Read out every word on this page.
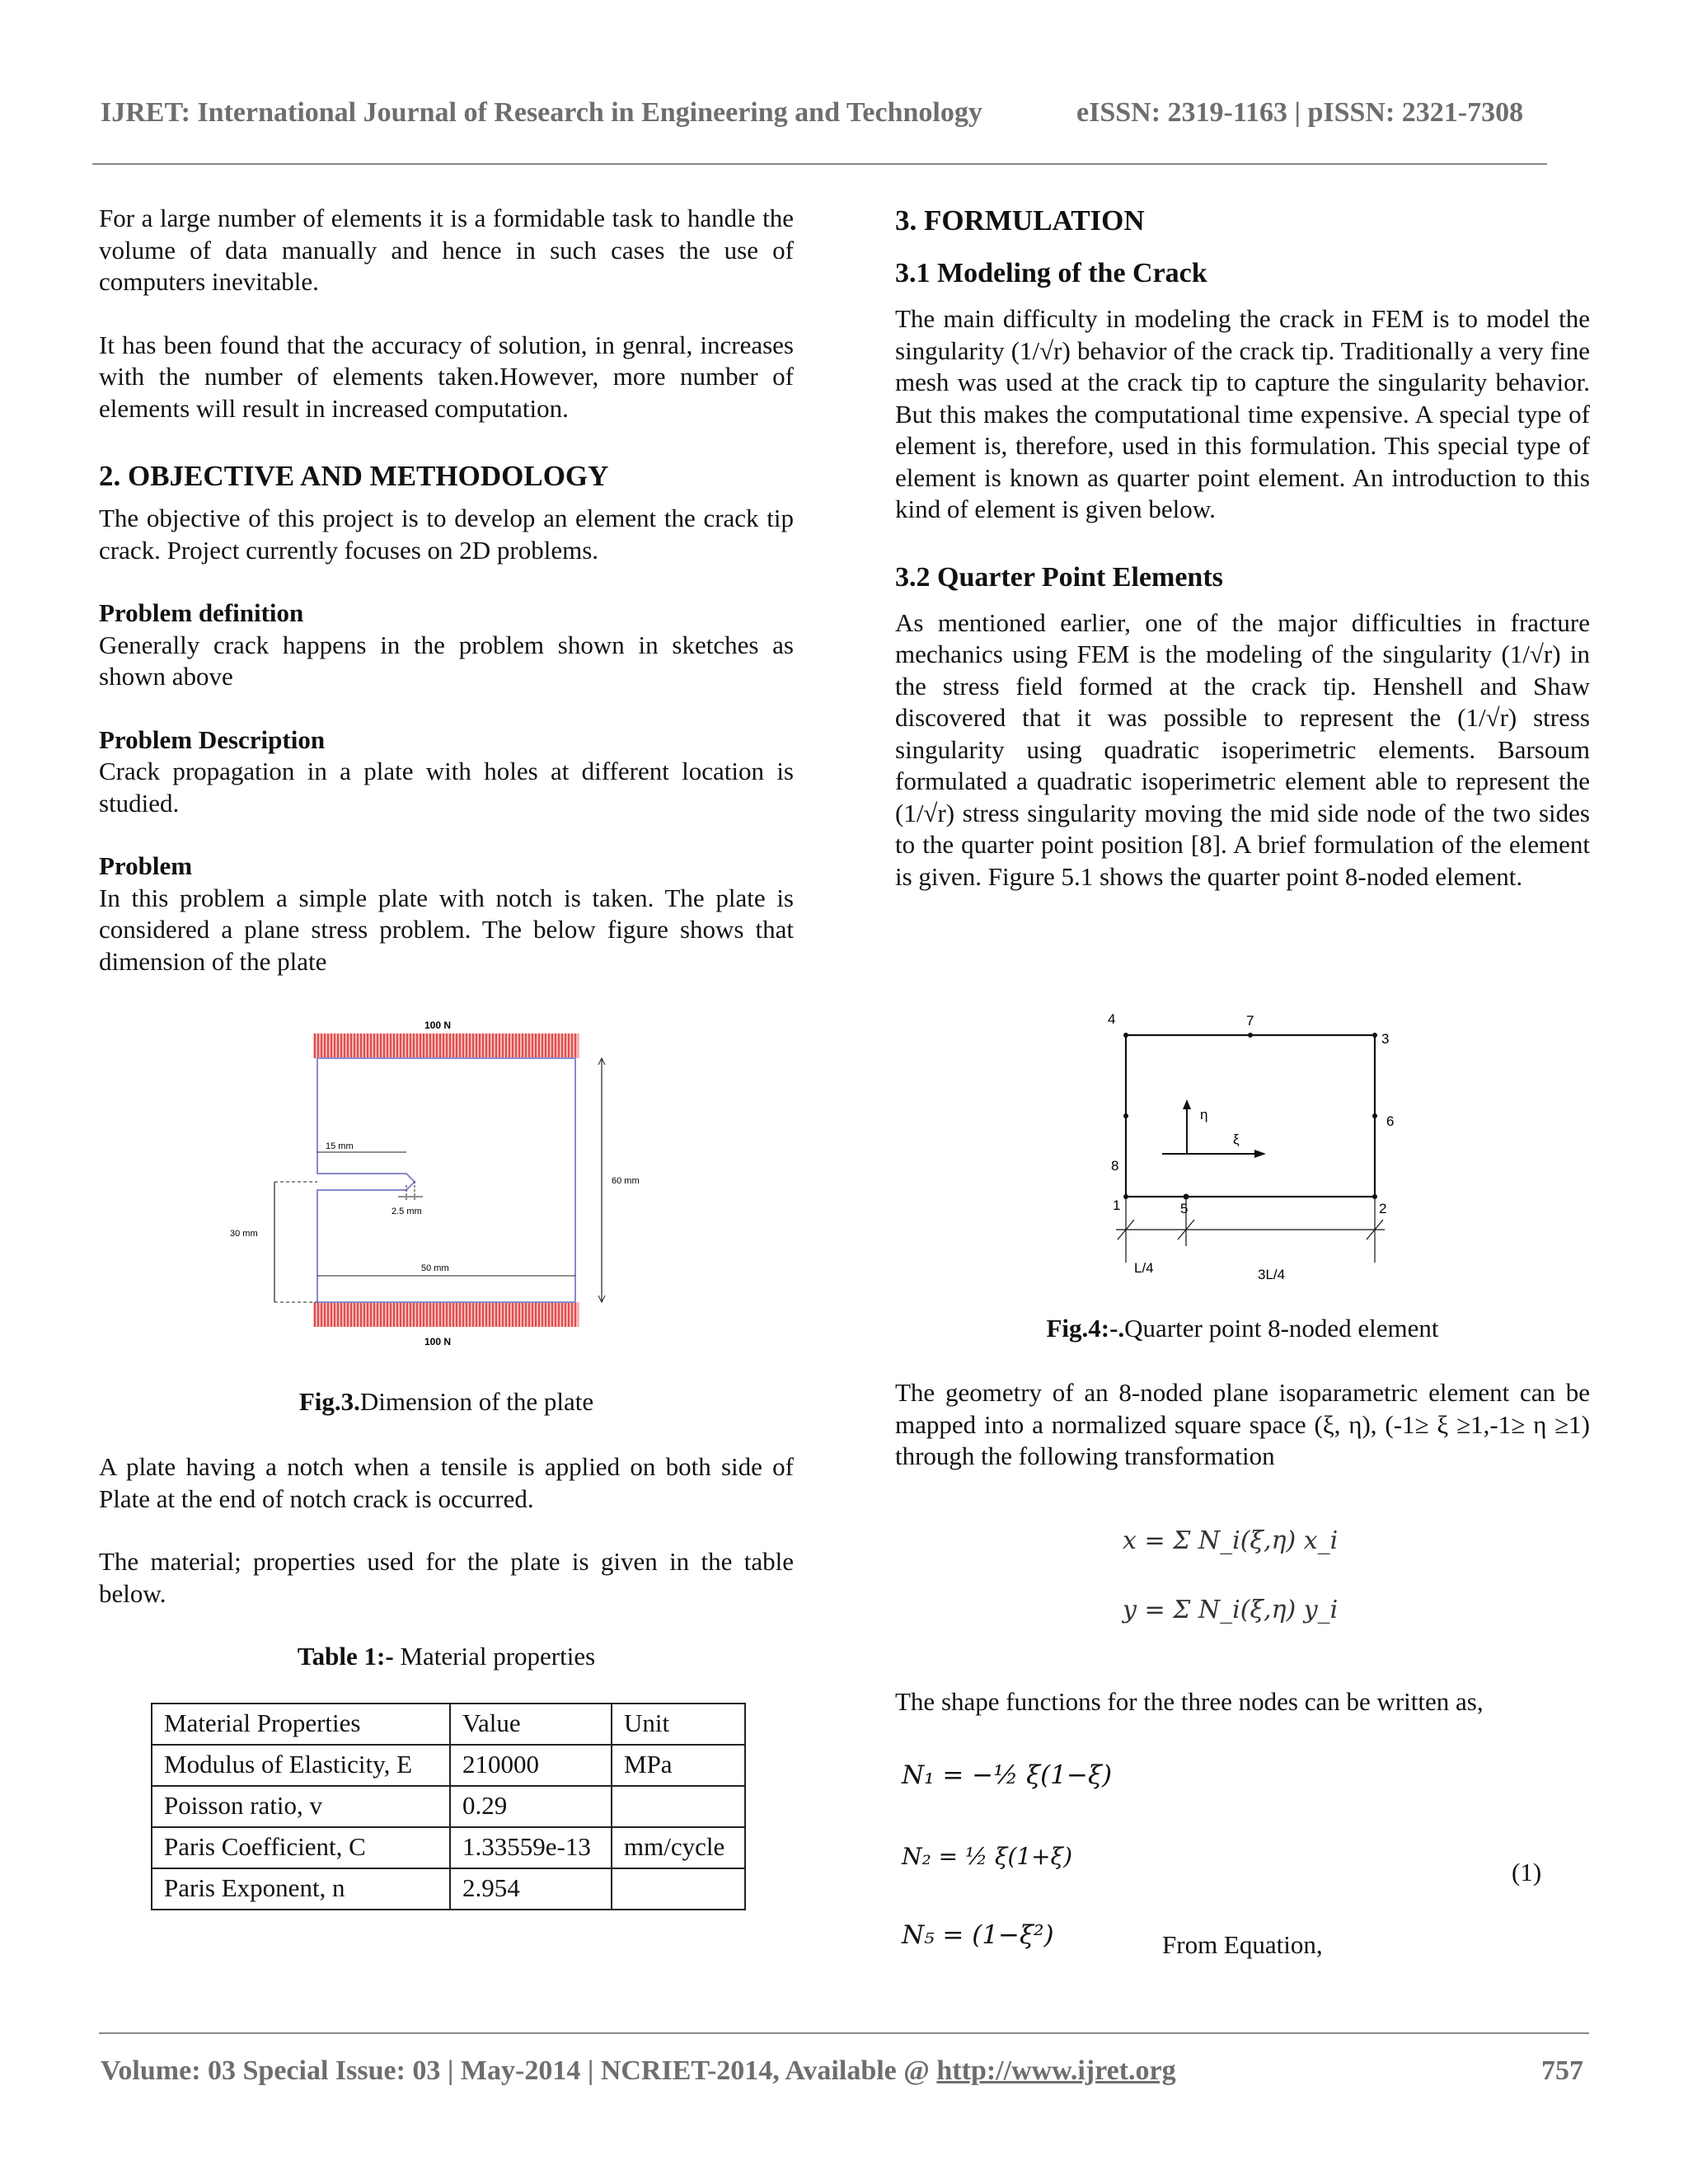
IJRET: International Journal of Research in Engineering and Technology	eISSN: 2319-1163 | pISSN: 2321-7308

For a large number of elements it is a formidable task to handle the volume of data manually and hence in such cases the use of computers inevitable.

It has been found that the accuracy of solution, in genral, increases with the number of elements taken.However, more number of elements will result in increased computation.

2. OBJECTIVE AND METHODOLOGY

The objective of this project is to develop an element the crack tip crack. Project currently focuses on 2D problems.

Problem definition

Generally crack happens in the problem shown in sketches as shown above

Problem Description

Crack propagation in a plate with holes at different location is studied.

Problem

In this problem a simple plate with notch is taken. The plate is considered a plane stress problem. The below figure shows that dimension of the plate

100 N
100 N
15 mm
2.5 mm
60 mm
30 mm
50 mm

Fig.3.Dimension of the plate

A plate having a notch when a tensile is applied on both side of Plate at the end of notch crack is occurred.

The material; properties used for the plate is given in the table below.

Table 1:- Material properties

Material Properties	Value	Unit
Modulus of Elasticity, E	210000	MPa
Poisson ratio, v	0.29	
Paris Coefficient, C	1.33559e-13	mm/cycle
Paris Exponent, n	2.954	
3. FORMULATION
3.1 Modeling of the Crack

The main difficulty in modeling the crack in FEM is to model the singularity (1/√r) behavior of the crack tip. Traditionally a very fine mesh was used at the crack tip to capture the singularity behavior. But this makes the computational time expensive. A special type of element is, therefore, used in this formulation. This special type of element is known as quarter point element. An introduction to this kind of element is given below.

3.2 Quarter Point Elements

As mentioned earlier, one of the major difficulties in fracture mechanics using FEM is the modeling of the singularity (1/√r) in the stress field formed at the crack tip. Henshell and Shaw discovered that it was possible to represent the (1/√r) stress singularity using quadratic isoperimetric elements. Barsoum formulated a quadratic isoperimetric element able to represent the (1/√r) stress singularity moving the mid side node of the two sides to the quarter point position [8]. A brief formulation of the element is given. Figure 5.1 shows the quarter point 8-noded element.

1	2
3
4
5
6
7
8
η
ξ
L/4	3L/4

Fig.4:-.Quarter point 8-noded element

The geometry of an 8-noded plane isoparametric element can be mapped into a normalized square space (ξ, η), (-1≥ ξ ≥1,-1≥ η ≥1) through the following transformation

x = Σ N_i(ξ,η) x_i
y = Σ N_i(ξ,η) y_i

The shape functions for the three nodes can be written as,

N₁ = −½ ξ(1−ξ)
N₂ = ½ ξ(1+ξ)
(1)
N₅ = (1−ξ²)	From Equation,
Volume: 03 Special Issue: 03 | May-2014 | NCRIET-2014, Available @ http://www.ijret.org	757
